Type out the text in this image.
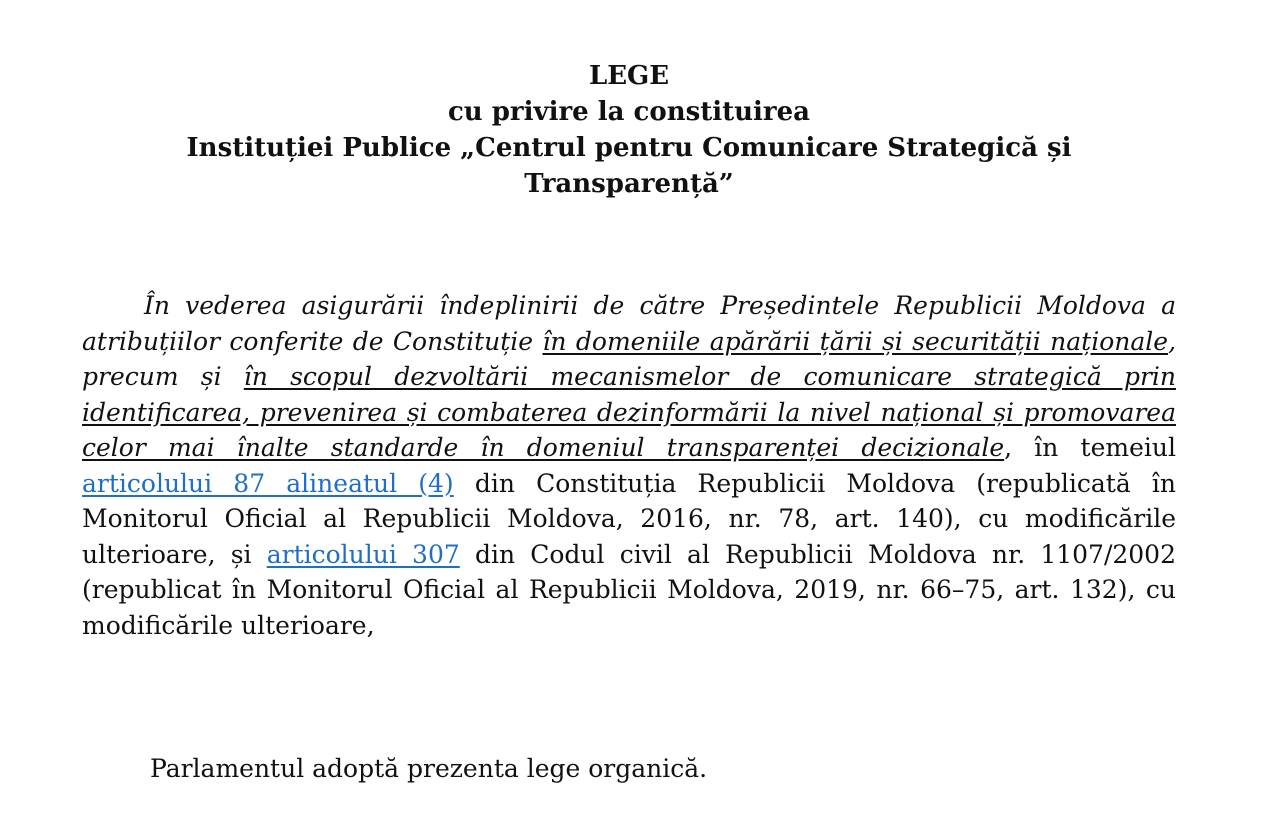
LEGE
cu privire la constituirea
Instituției Publice „Centrul pentru Comunicare Strategică și
Transparență”

În vederea asigurării îndeplinirii de către Președintele Republicii Moldova a atribuțiilor conferite de Constituție în domeniile apărării țării și securității naționale, precum și în scopul dezvoltării mecanismelor de comunicare strategică prin identificarea, prevenirea și combaterea dezinformării la nivel național și promovarea celor mai înalte standarde în domeniul transparenței decizionale, în temeiul articolului 87 alineatul (4) din Constituția Republicii Moldova (republicată în Monitorul Oficial al Republicii Moldova, 2016, nr. 78, art. 140), cu modificările ulterioare, și articolului 307 din Codul civil al Republicii Moldova nr. 1107/2002 (republicat în Monitorul Oficial al Republicii Moldova, 2019, nr. 66–75, art. 132), cu modificările ulterioare,

Parlamentul adoptă prezenta lege organică.
